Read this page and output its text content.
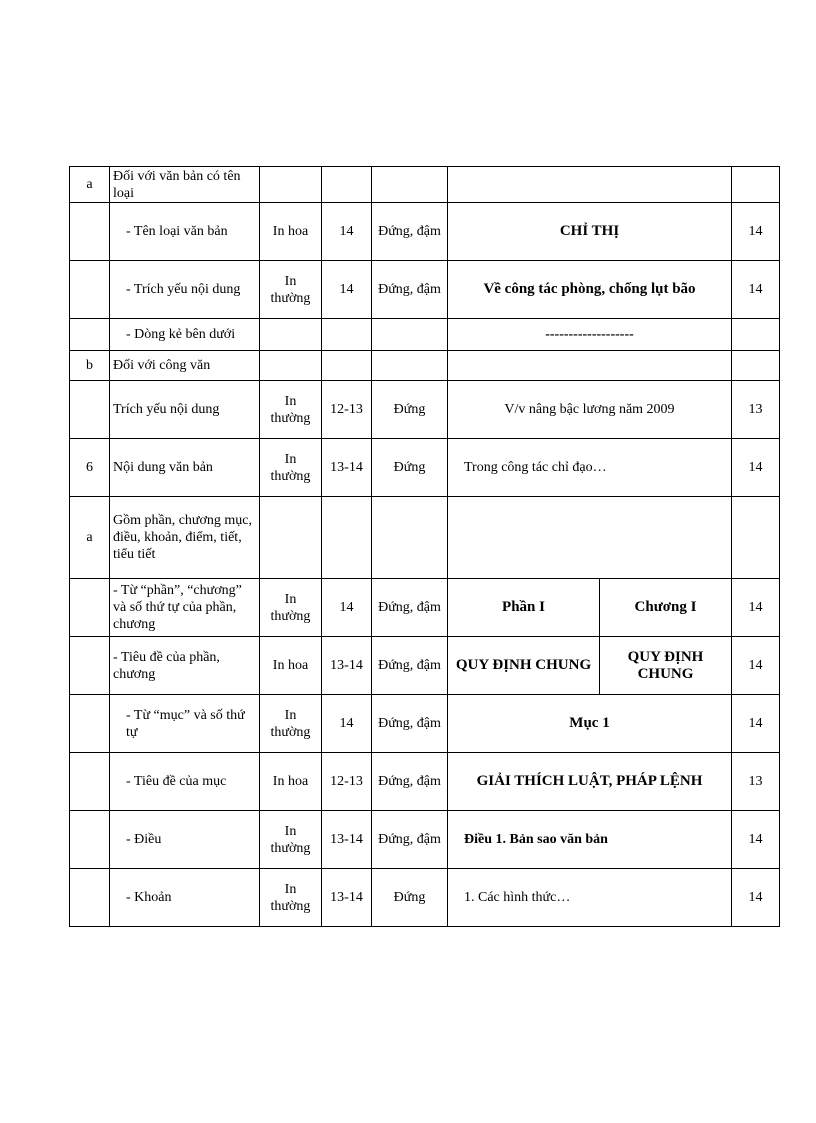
a	Đối với văn bản có tên loại						
	- Tên loại văn bản	In hoa	14	Đứng, đậm	CHỈ THỊ		14
	- Trích yếu nội dung	In thường	14	Đứng, đậm	Về công tác phòng, chống lụt bão		14
	- Dòng kẻ bên dưới				-------------------		
b	Đối với công văn						
	Trích yếu nội dung	In thường	12-13	Đứng	V/v nâng bậc lương năm 2009		13
6	Nội dung văn bản	In thường	13-14	Đứng	Trong công tác chỉ đạo…		14
a	Gồm phần, chương mục, điều, khoản, điểm, tiết, tiểu tiết						
	- Từ “phần”, “chương” và số thứ tự của phần, chương	In thường	14	Đứng, đậm	Phần I	Chương I	14
	- Tiêu đề của phần, chương	In hoa	13-14	Đứng, đậm	QUY ĐỊNH CHUNG	QUY ĐỊNH CHUNG	14
	- Từ “mục” và số thứ tự	In thường	14	Đứng, đậm	Mục 1		14
	- Tiêu đề của mục	In hoa	12-13	Đứng, đậm	GIẢI THÍCH LUẬT, PHÁP LỆNH		13
	- Điều	In thường	13-14	Đứng, đậm	Điều 1. Bản sao văn bản		14
	- Khoản	In thường	13-14	Đứng	1. Các hình thức…		14
